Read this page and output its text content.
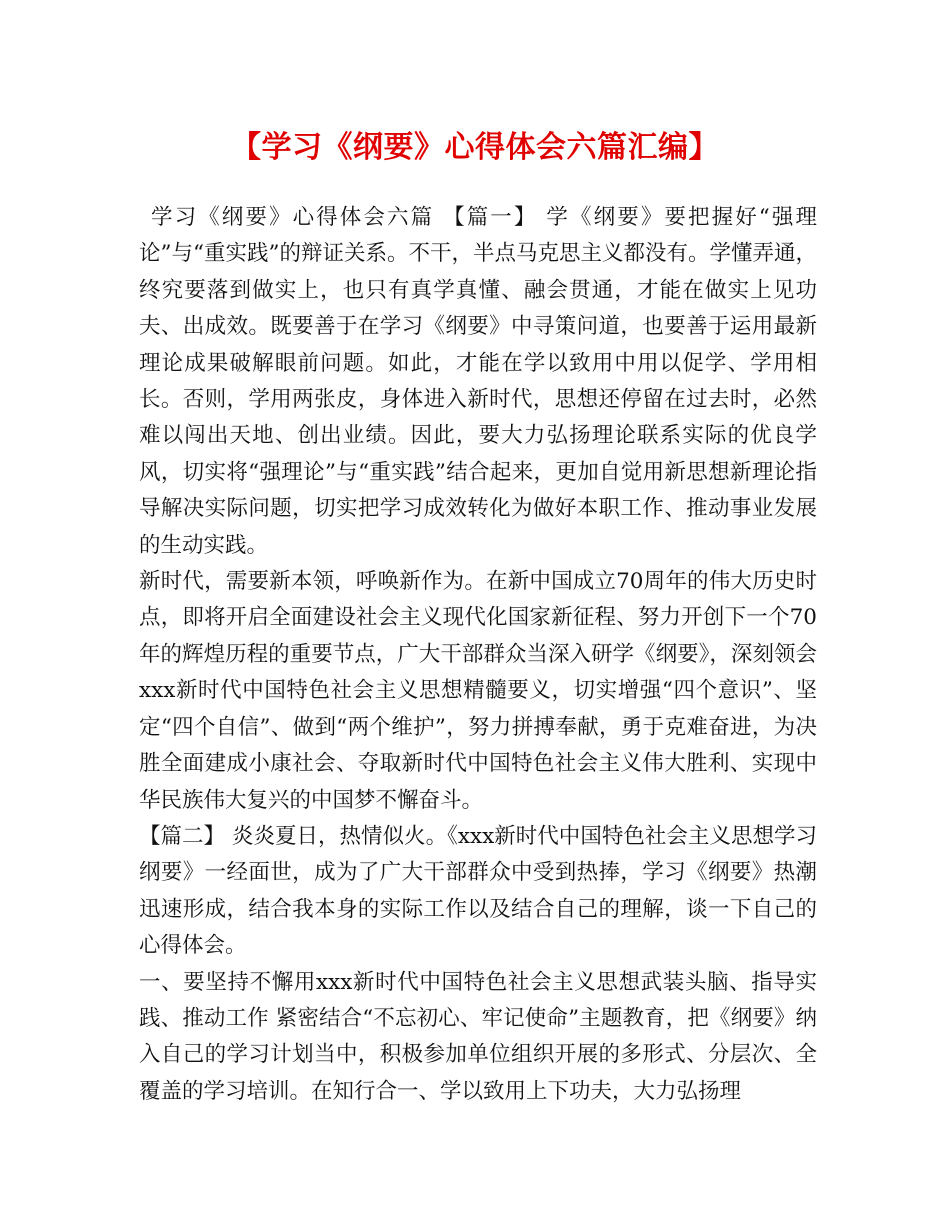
【学习《纲要》心得体会六篇汇编】

学习《纲要》心得体会六篇 【篇一】 学《纲要》要把握好“强理论”与“重实践”的辩证关系。不干，半点马克思主义都没有。学懂弄通，终究要落到做实上，也只有真学真懂、融会贯通，才能在做实上见功夫、出成效。既要善于在学习《纲要》中寻策问道，也要善于运用最新理论成果破解眼前问题。如此，才能在学以致用中用以促学、学用相长。否则，学用两张皮，身体进入新时代，思想还停留在过去时，必然难以闯出天地、创出业绩。因此，要大力弘扬理论联系实际的优良学风，切实将“强理论”与“重实践”结合起来，更加自觉用新思想新理论指导解决实际问题，切实把学习成效转化为做好本职工作、推动事业发展的生动实践。

新时代，需要新本领，呼唤新作为。在新中国成立70周年的伟大历史时点，即将开启全面建设社会主义现代化国家新征程、努力开创下一个70年的辉煌历程的重要节点，广大干部群众当深入研学《纲要》，深刻领会xxx新时代中国特色社会主义思想精髓要义，切实增强“四个意识”、坚定“四个自信”、做到“两个维护”，努力拼搏奉献，勇于克难奋进，为决胜全面建成小康社会、夺取新时代中国特色社会主义伟大胜利、实现中华民族伟大复兴的中国梦不懈奋斗。

【篇二】 炎炎夏日，热情似火。《xxx新时代中国特色社会主义思想学习纲要》一经面世，成为了广大干部群众中受到热捧，学习《纲要》热潮迅速形成，结合我本身的实际工作以及结合自己的理解，谈一下自己的心得体会。

一、要坚持不懈用xxx新时代中国特色社会主义思想武装头脑、指导实践、推动工作 紧密结合“不忘初心、牢记使命”主题教育，把《纲要》纳入自己的学习计划当中，积极参加单位组织开展的多形式、分层次、全覆盖的学习培训。在知行合一、学以致用上下功夫，大力弘扬理
